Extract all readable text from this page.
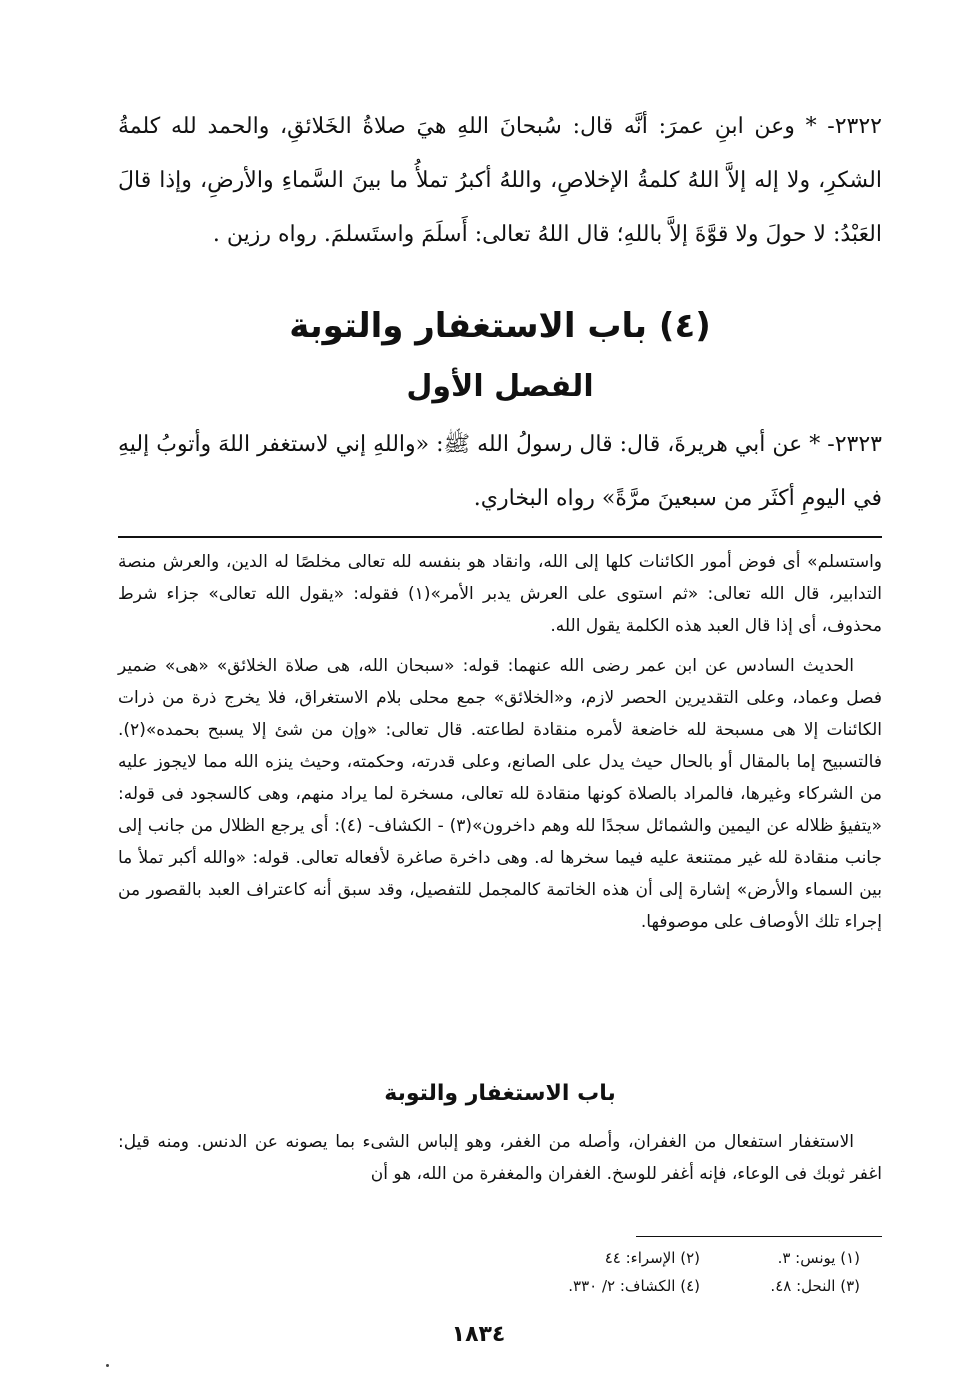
٢٣٢٢- * وعن ابنِ عمرَ: أنَّه قال: سُبحانَ اللهِ هيَ صلاةُ الخَلائقِ، والحمد لله كلمةُ الشكرِ، ولا إله إلاَّ اللهُ كلمةُ الإخلاصِ، واللهُ أكبرُ تملأُ ما بينَ السَّماءِ والأرضِ، وإذا قالَ العَبْدُ: لا حولَ ولا قوَّةَ إلاَّ باللهِ؛ قال اللهُ تعالى: أَسلَمَ واستَسلمَ. رواه رزين .
(٤) باب الاستغفار والتوبة
الفصل الأول
٢٣٢٣- * عن أبي هريرةَ، قال: قال رسولُ الله ﷺ: «واللهِ إني لاستغفر اللهَ وأتوبُ إليهِ في اليومِ أكثَر من سبعينَ مرَّةً» رواه البخاري.

واستسلم» أى فوض أمور الكائنات كلها إلى الله، وانقاد هو بنفسه لله تعالى مخلصًا له الدين، والعرش منصة التدابير، قال الله تعالى: «ثم استوى على العرش يدبر الأمر»(١) فقوله: «يقول الله تعالى» جزاء شرط محذوف، أى إذا قال العبد هذه الكلمة يقول الله.

الحديث السادس عن ابن عمر رضى الله عنهما: قوله: «سبحان الله، هى صلاة الخلائق» «هى» ضمير فصل وعماد، وعلى التقديرين الحصر لازم، و«الخلائق» جمع محلى بلام الاستغراق، فلا يخرج ذرة من ذرات الكائنات إلا هى مسبحة لله خاضعة لأمره منقادة لطاعته. قال تعالى: «وإن من شئ إلا يسبح بحمده»(٢). فالتسبيح إما بالمقال أو بالحال حيث يدل على الصانع، وعلى قدرته، وحكمته، وحيث ينزه الله مما لايجوز عليه من الشركاء وغيرها، فالمراد بالصلاة كونها منقادة لله تعالى، مسخرة لما يراد منهم، وهى كالسجود فى قوله: «يتفيؤ ظلاله عن اليمين والشمائل سجدًا لله وهم داخرون»(٣) - الكشاف- (٤): أى يرجع الظلال من جانب إلى جانب منقادة لله غير ممتنعة عليه فيما سخرها له. وهى داخرة صاغرة لأفعاله تعالى. قوله: «والله أكبر تملأ ما بين السماء والأرض» إشارة إلى أن هذه الخاتمة كالمجمل للتفصيل، وقد سبق أنه كاعتراف العبد بالقصور من إجراء تلك الأوصاف على موصوفها.

باب الاستغفار والتوبة

الاستغفار استفعال من الغفران، وأصله من الغفر، وهو إلباس الشىء بما يصونه عن الدنس. ومنه قيل: اغفر ثوبك فى الوعاء، فإنه أغفر للوسخ. الغفران والمغفرة من الله، هو أن

(١) يونس: ٣.
(٢) الإسراء: ٤٤
(٣) النحل: ٤٨.
(٤) الكشاف: ٢/ ٣٣٠.
١٨٣٤
